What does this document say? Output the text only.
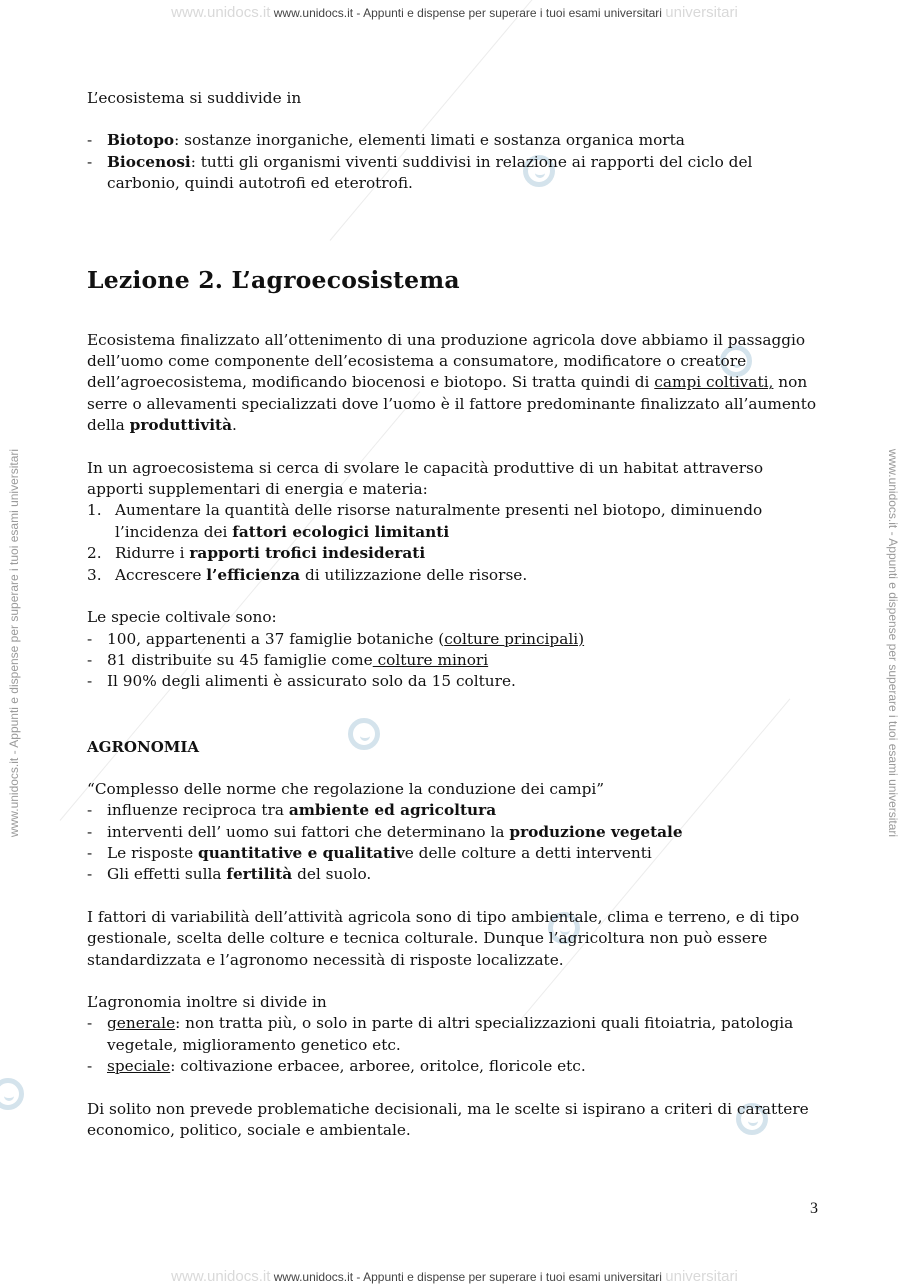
www.unidocs.it www.unidocs.it - Appunti e dispense per superare i tuoi esami universitari universitari
www.unidocs.it www.unidocs.it - Appunti e dispense per superare i tuoi esami universitari universitari
www.unidocs.it - Appunti e dispense per superare i tuoi esami universitari	www.unidocs.it - Appunti e dispense per superare i tuoi esami universitari

L’ecosistema si suddivide in

- Biotopo: sostanze inorganiche, elementi limati e sostanza organica morta
- Biocenosi: tutti gli organismi viventi suddivisi in relazione ai rapporti del ciclo del carbonio, quindi autotrofi ed eterotrofi.
Lezione 2. L’agroecosistema

Ecosistema finalizzato all’ottenimento di una produzione agricola dove abbiamo il passaggio dell’uomo come componente dell’ecosistema a consumatore, modificatore o creatore dell’agroecosistema, modificando biocenosi e biotopo. Si tratta quindi di campi coltivati, non serre o allevamenti specializzati dove l’uomo è il fattore predominante finalizzato all’aumento della produttività.

In un agroecosistema si cerca di svolare le capacità produttive di un habitat attraverso apporti supplementari di energia e materia:

1. Aumentare la quantità delle risorse naturalmente presenti nel biotopo, diminuendo l’incidenza dei fattori ecologici limitanti
2. Ridurre i rapporti trofici indesiderati
3. Accrescere l’efficienza di utilizzazione delle risorse.

Le specie coltivale sono:

- 100, appartenenti a 37 famiglie botaniche (colture principali)
- 81 distribuite su 45 famiglie come colture minori
- Il 90% degli alimenti è assicurato solo da 15 colture.
AGRONOMIA

“Complesso delle norme che regolazione la conduzione dei campi”

- influenze reciproca tra ambiente ed agricoltura
- interventi dell’ uomo sui fattori che determinano la produzione vegetale
- Le risposte quantitative e qualitative delle colture a detti interventi
- Gli effetti sulla fertilità del suolo.

I fattori di variabilità dell’attività agricola sono di tipo ambientale, clima e terreno, e di tipo gestionale, scelta delle colture e tecnica colturale. Dunque l’agricoltura non può essere standardizzata e l’agronomo necessità di risposte localizzate.

L’agronomia inoltre si divide in

- generale: non tratta più, o solo in parte di altri specializzazioni quali fitoiatria, patologia vegetale, miglioramento genetico etc.
- speciale: coltivazione erbacee, arboree, oritolce, floricole etc.

Di solito non prevede problematiche decisionali, ma le scelte si ispirano a criteri di carattere economico, politico, sociale e ambientale.

3
